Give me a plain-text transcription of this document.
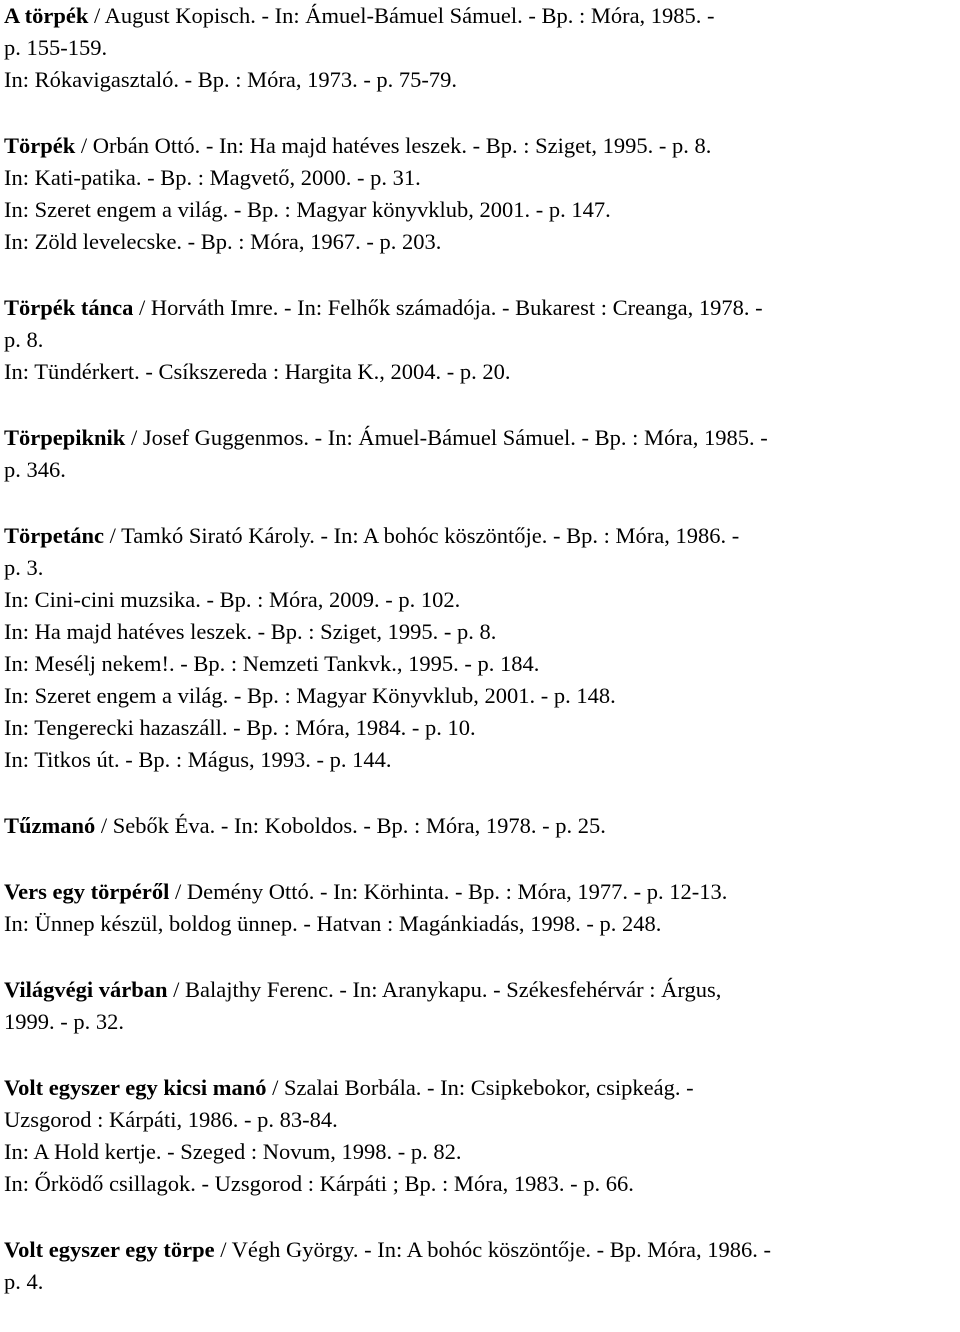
A törpék / August Kopisch. - In: Ámuel-Bámuel Sámuel. - Bp. : Móra, 1985. -
p. 155-159.
In: Rókavigasztaló. - Bp. : Móra, 1973. - p. 75-79.
Törpék / Orbán Ottó. - In: Ha majd hatéves leszek. - Bp. : Sziget, 1995. - p. 8.
In: Kati-patika. - Bp. : Magvető, 2000. - p. 31.
In: Szeret engem a világ. - Bp. : Magyar könyvklub, 2001. - p. 147.
In: Zöld levelecske. - Bp. : Móra, 1967. - p. 203.
Törpék tánca / Horváth Imre. - In: Felhők számadója. - Bukarest : Creanga, 1978. -
p. 8.
In: Tündérkert. - Csíkszereda : Hargita K., 2004. - p. 20.
Törpepiknik / Josef Guggenmos. - In: Ámuel-Bámuel Sámuel. - Bp. : Móra, 1985. -
p. 346.
Törpetánc / Tamkó Sirató Károly. - In: A bohóc köszöntője. - Bp. : Móra, 1986. -
p. 3.
In: Cini-cini muzsika. - Bp. : Móra, 2009. - p. 102.
In: Ha majd hatéves leszek. - Bp. : Sziget, 1995. - p. 8.
In: Mesélj nekem!. - Bp. : Nemzeti Tankvk., 1995. - p. 184.
In: Szeret engem a világ. - Bp. : Magyar Könyvklub, 2001. - p. 148.
In: Tengerecki hazaszáll. - Bp. : Móra, 1984. - p. 10.
In: Titkos út. - Bp. : Mágus, 1993. - p. 144.
Tűzmanó / Sebők Éva. - In: Koboldos. - Bp. : Móra, 1978. - p. 25.
Vers egy törpéről / Demény Ottó. - In: Körhinta. - Bp. : Móra, 1977. - p. 12-13.
In: Ünnep készül, boldog ünnep. - Hatvan : Magánkiadás, 1998. - p. 248.
Világvégi várban / Balajthy Ferenc. - In: Aranykapu. - Székesfehérvár : Árgus,
1999. - p. 32.
Volt egyszer egy kicsi manó / Szalai Borbála. - In: Csipkebokor, csipkeág. -
Uzsgorod : Kárpáti, 1986. - p. 83-84.
In: A Hold kertje. - Szeged : Novum, 1998. - p. 82.
In: Őrködő csillagok. - Uzsgorod : Kárpáti ; Bp. : Móra, 1983. - p. 66.
Volt egyszer egy törpe / Végh György. - In: A bohóc köszöntője. - Bp. Móra, 1986. -
p. 4.
